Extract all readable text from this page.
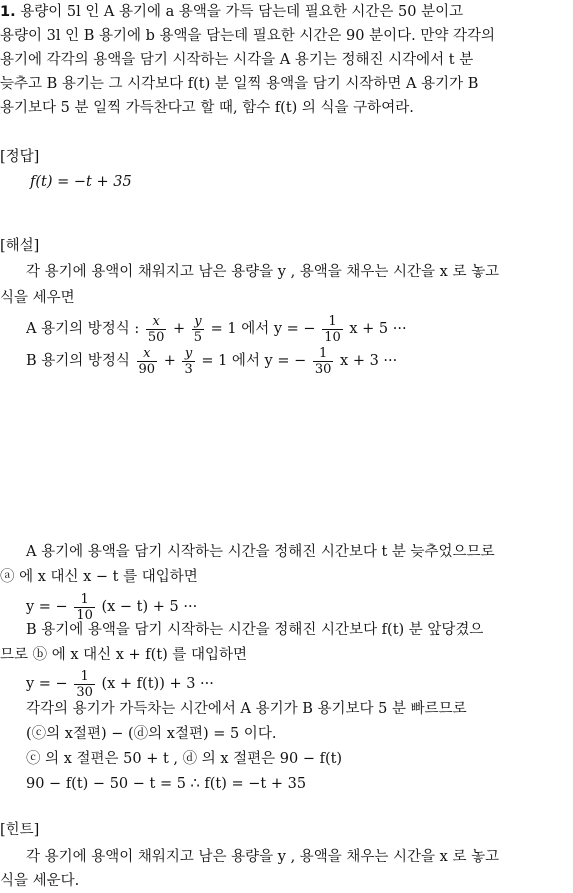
1. 용량이 5l 인 A 용기에 a 용액을 가득 담는데 필요한 시간은 50 분이고
용량이 3l 인 B 용기에 b 용액을 담는데 필요한 시간은 90 분이다. 만약 각각의
용기에 각각의 용액을 담기 시작하는 시각을 A 용기는 정해진 시각에서 t 분
늦추고 B 용기는 그 시각보다 f(t) 분 일찍 용액을 담기 시작하면 A 용기가 B
용기보다 5 분 일찍 가득찬다고 할 때, 함수 f(t) 의 식을 구하여라.
[정답]
f(t) = −t + 35
[해설]
각 용기에 용액이 채워지고 남은 용량을 y , 용액을 채우는 시간을 x 로 놓고
식을 세우면
A 용기의 방정식 : $\frac{x}{50} + \frac{y}{5} = 1$ 에서 y = − $\frac{1}{10}$ x + 5 ···
B 용기의 방정식 $\frac{x}{90} + \frac{y}{3} = 1$ 에서 y = − $\frac{1}{30}$ x + 3 ···
A 용기에 용액을 담기 시작하는 시간을 정해진 시간보다 t 분 늦추었으므로
ⓐ 에 x 대신 x − t 를 대입하면
y = − $\frac{1}{10} (x - t) + 5$ ···
B 용기에 용액을 담기 시작하는 시간을 정해진 시간보다 f(t) 분 앞당겼으
므로 ⓑ 에 x 대신 x + f(t) 를 대입하면
y = − $\frac{1}{30} (x + f(t)) + 3$ ···
각각의 용기가 가득차는 시간에서 A 용기가 B 용기보다 5 분 빠르므로
(ⓒ의 x절편) − (ⓓ의 x절편) = 5 이다.
ⓒ 의 x 절편은 50 + t , ⓓ 의 x 절편은 90 − f(t)
90 − f(t) − 50 − t = 5 ∴ f(t) = −t + 35
[힌트]
각 용기에 용액이 채워지고 남은 용량을 y , 용액을 채우는 시간을 x 로 놓고
식을 세운다.
